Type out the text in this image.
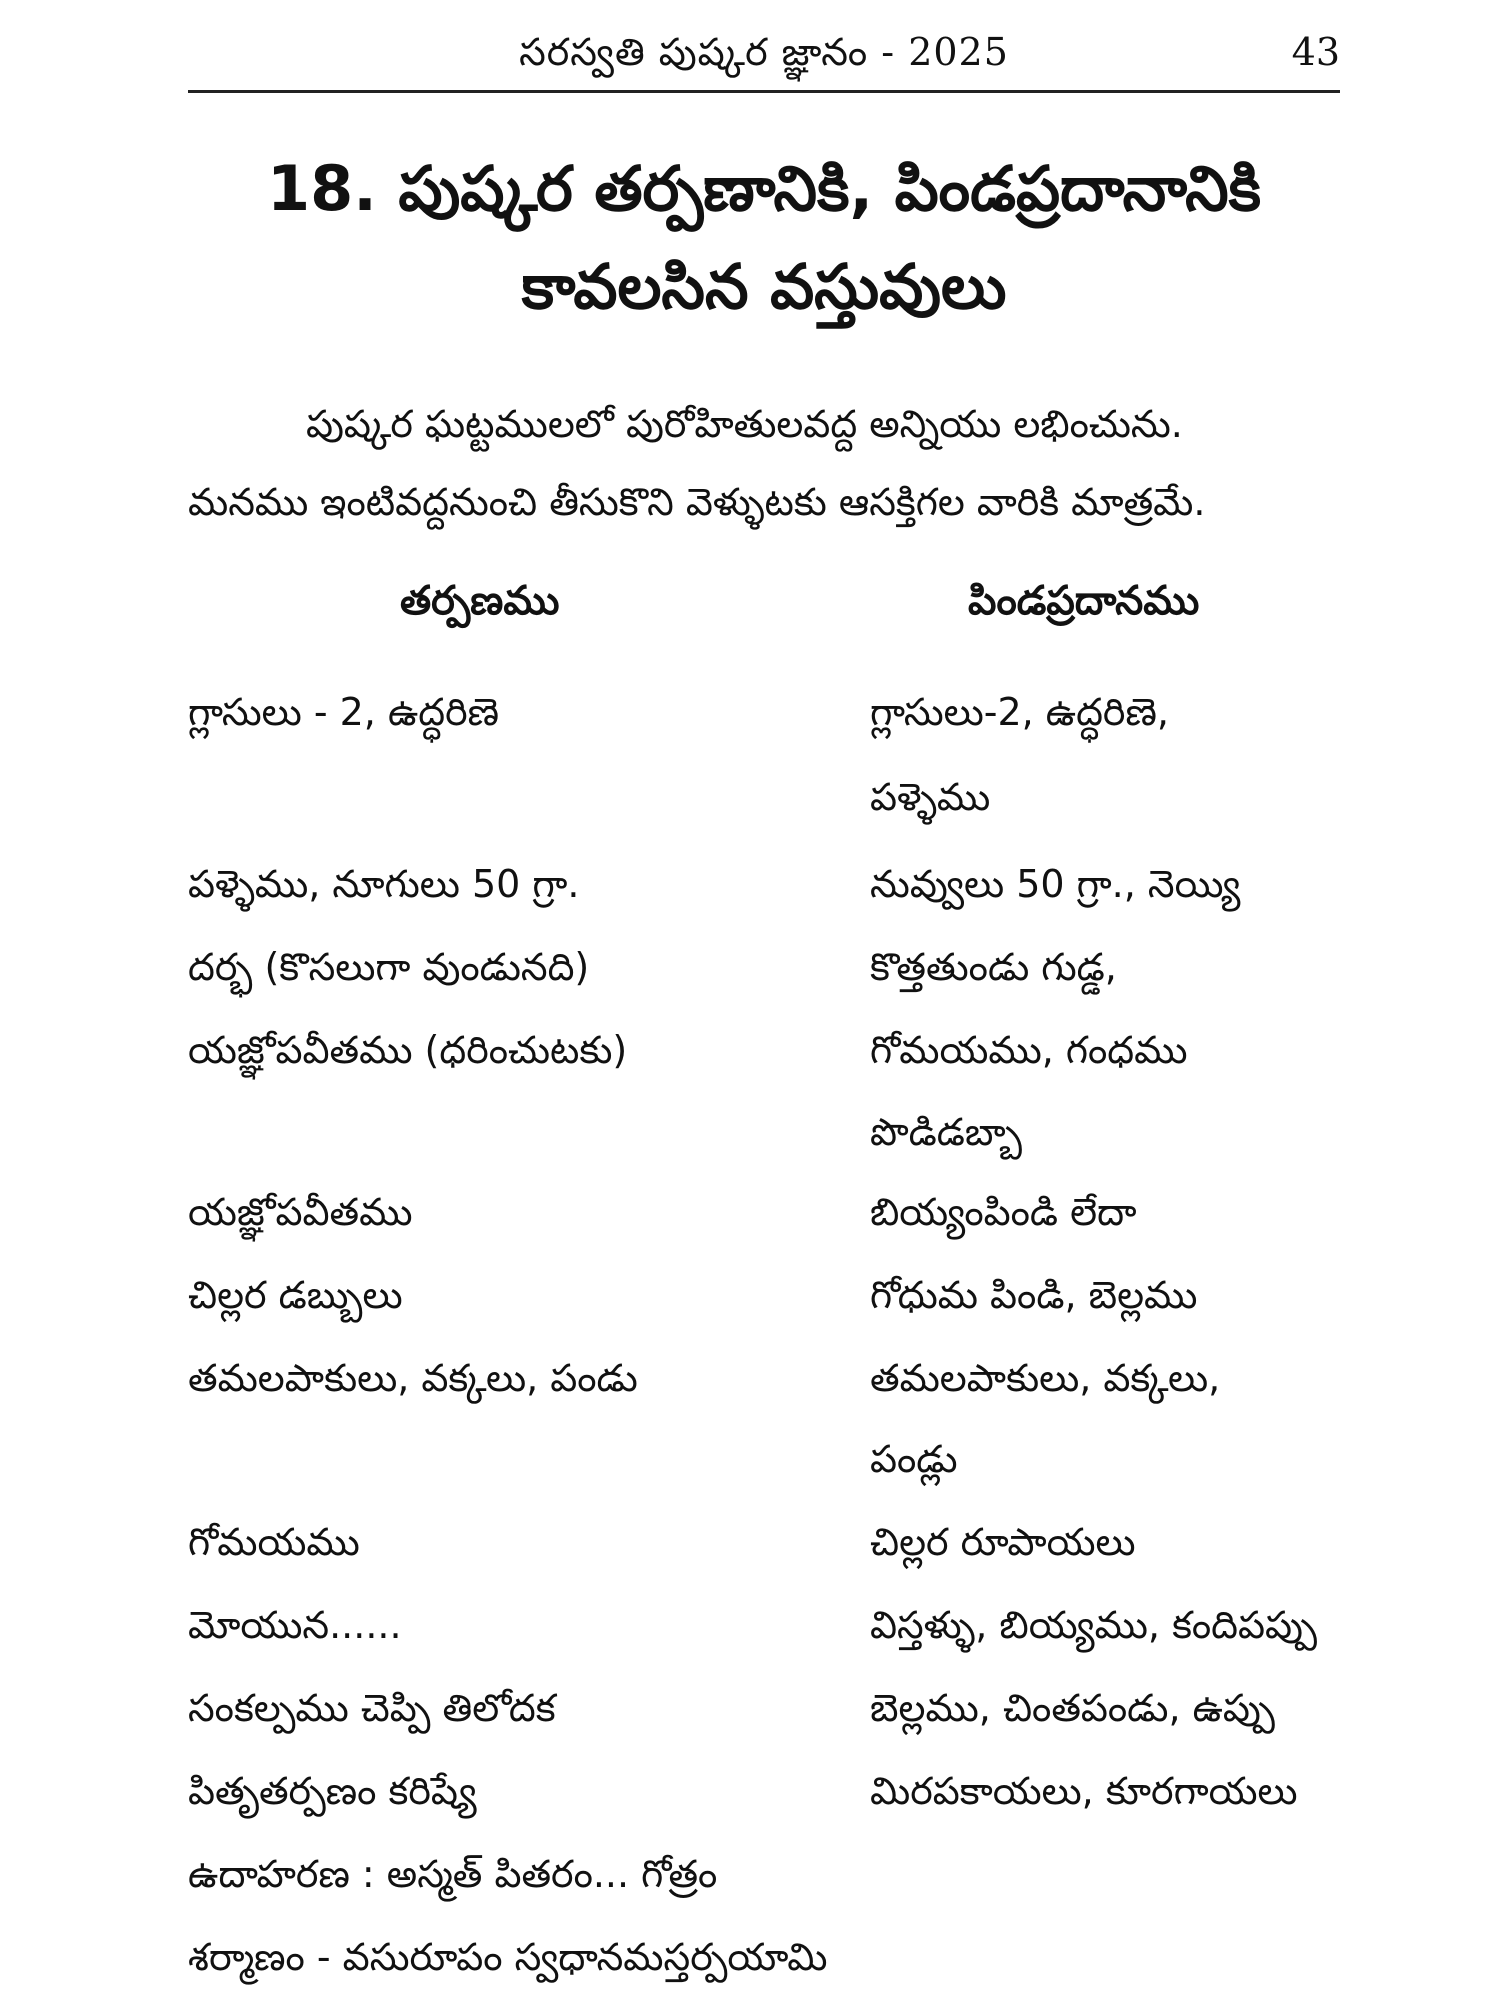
సరస్వతి పుష్కర జ్ఞానం - 2025	43
18. పుష్కర తర్పణానికి, పిండప్రదానానికి
కావలసిన వస్తువులు
పుష్కర ఘట్టములలో పురోహితులవద్ద అన్నియు లభించును.
మనము ఇంటివద్దనుంచి తీసుకొని వెళ్ళుటకు ఆసక్తిగల వారికి మాత్రమే.
తర్పణము	పిండప్రదానము
గ్లాసులు - 2, ఉద్ధరిణె
పళ్ళెము, నూగులు 50 గ్రా.
దర్భ (కొసలుగా వుండునది)
యజ్ఞోపవీతము (ధరించుటకు)
యజ్ఞోపవీతము
చిల్లర డబ్బులు
తమలపాకులు, వక్కలు, పండు
గోమయము
మోయున......
సంకల్పము చెప్పి తిలోదక
పితృతర్పణం కరిష్యే
ఉదాహరణ : అస్మత్ పితరం... గోత్రం
శర్మాణం - వసురూపం స్వధానమస్తర్పయామి
గ్లాసులు-2, ఉద్ధరిణె,
పళ్ళెము
నువ్వులు 50 గ్రా., నెయ్యి
కొత్తతుండు గుడ్డ,
గోమయము, గంధము
పొడిడబ్బా
బియ్యంపిండి లేదా
గోధుమ పిండి, బెల్లము
తమలపాకులు, వక్కలు,
పండ్లు
చిల్లర రూపాయలు
విస్తళ్ళు, బియ్యము, కందిపప్పు
బెల్లము, చింతపండు, ఉప్పు
మిరపకాయలు, కూరగాయలు
